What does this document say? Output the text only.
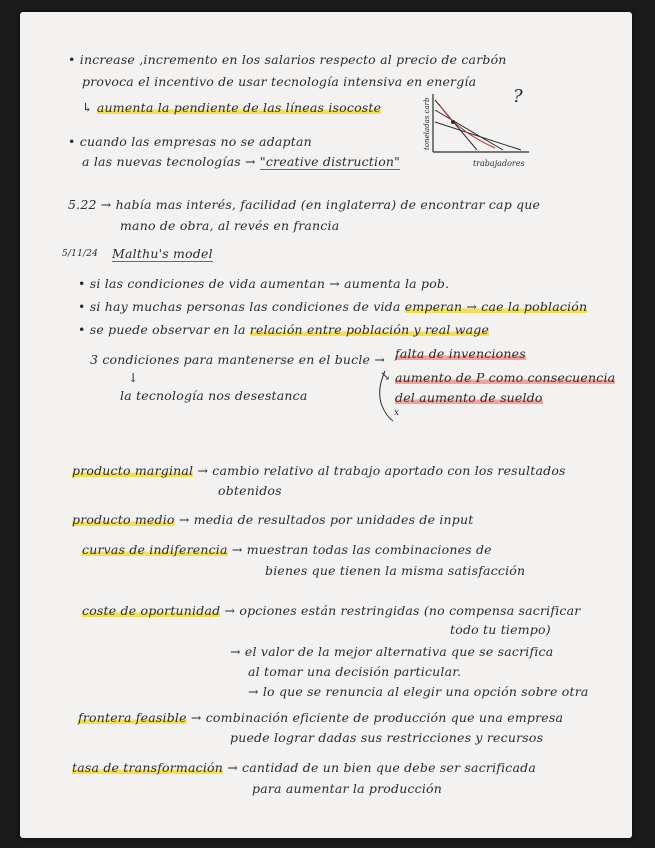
• increase ,incremento en los salarios respecto al precio de carbón
provoca el incentivo de usar tecnología intensiva en energía
↳ aumenta la pendiente de las líneas isocoste
?
• cuando las empresas no se adaptan
a las nuevas tecnologías → "creative distruction"
toneladas carb
trabajadores
5.22 → había mas interés, facilidad (en inglaterra) de encontrar cap que
mano de obra, al revés en francia
5/11/24 Malthu's model
• si las condiciones de vida aumentan → aumenta la pob.
• si hay muchas personas las condiciones de vida emperan → cae la población
• se puede observar en la relación entre población y real wage
3 condiciones para mantenerse en el bucle → falta de invenciones
↘ aumento de P como consecuencia
del aumento de sueldo
x
↓
la tecnología nos desestanca
producto marginal → cambio relativo al trabajo aportado con los resultados
obtenidos
producto medio → media de resultados por unidades de input
curvas de indiferencia → muestran todas las combinaciones de
bienes que tienen la misma satisfacción
coste de oportunidad → opciones están restringidas (no compensa sacrificar
todo tu tiempo)
→ el valor de la mejor alternativa que se sacrifica
al tomar una decisión particular.
→ lo que se renuncia al elegir una opción sobre otra
frontera feasible → combinación eficiente de producción que una empresa
puede lograr dadas sus restricciones y recursos
tasa de transformación → cantidad de un bien que debe ser sacrificada
para aumentar la producción
